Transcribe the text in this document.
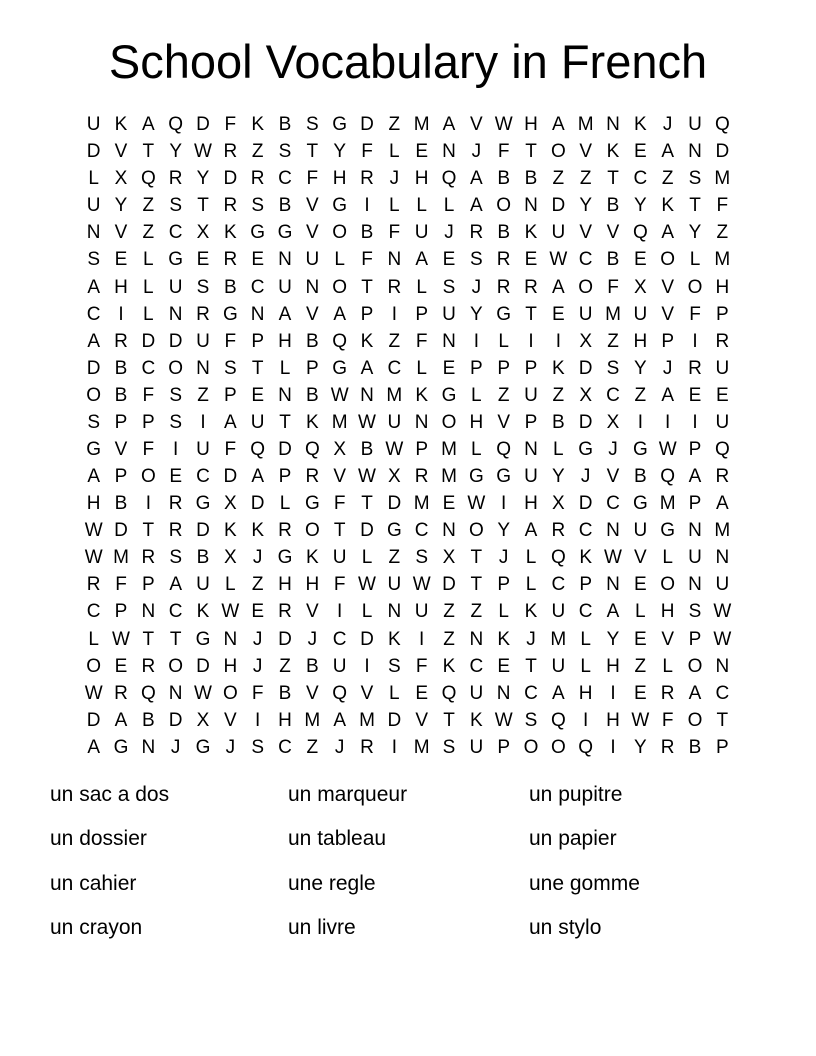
School Vocabulary in French
U K A Q D F K B S G D Z M A V W H A M N K J U Q
D V T Y W R Z S T Y F L E N J F T O V K E A N D
L X Q R Y D R C F H R J H Q A B B Z Z T C Z S M
U Y Z S T R S B V G I	L L L A O N D Y B Y K T F
N V Z C X K G G V O B F U J R B K U V V Q A Y Z
S E L G E R E N U L F N A E S R E W C B E O L M
A H L U S B C U N O T R L S J R R A O F X V O H
C I	L N R G N A V A P I P U Y G T E U M U V F P
A R D D U F P H B Q K Z F N I	L	I	I X Z H P I R
D B C O N S T L P G A C L E P P P K D S Y J R U
O B F S Z P E N B W N M K G L Z U Z X C Z A E E
S P P S I A U T K M W U N O H V P B D X I	I	I U
G V F I U F Q D Q X B W P M L Q N L G J G W P Q
A P O E C D A P R V W X R M G G U Y J V B Q A R
H B I R G X D L G F T D M E W I H X D C G M P A
W D T R D K K R O T D G C N O Y A R C N U G N M
W M R S B X J G K U L Z S X T J L Q K W V L U N
R F P A U L Z H H F W U W D T P L C P N E O N U
C P N C K W E R V I	L N U Z Z L K U C A L H S W
L W T T G N J D J C D K I Z N K J M L Y E V P W
O E R O D H J Z B U I S F K C E T U L H Z L O N
W R Q N W O F B V Q V L E Q U N C A H I E R A C
D A B D X V I H M A M D V T K W S Q I H W F O T
A G N J G J S C Z J R I M S U P O O Q I Y R B P
un sac a dos
un dossier
un cahier
un crayon
un marqueur
un tableau
une regle
un livre
un pupitre
un papier
une gomme
un stylo
